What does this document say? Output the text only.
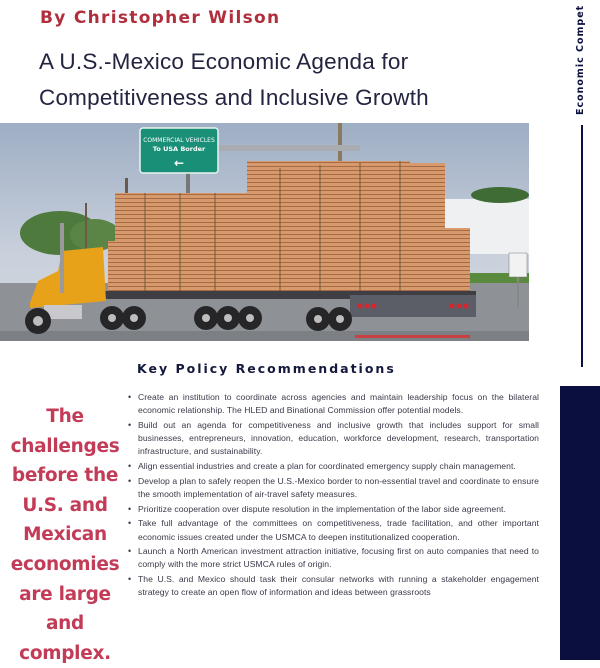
By Christopher Wilson
A U.S.-Mexico Economic Agenda for Competitiveness and Inclusive Growth
COMMERCIAL VEHICLES
To USA Border
←
Economic Compet
The challenges before the U.S. and Mexican economies are large and complex.
Key Policy Recommendations
• Create an institution to coordinate across agencies and maintain leadership focus on the bilateral economic relationship. The HLED and Binational Commission offer potential models.
• Build out an agenda for competitiveness and inclusive growth that includes support for small businesses, entrepreneurs, innovation, education, workforce development, research, transportation infrastructure, and sustainability.
• Align essential industries and create a plan for coordinated emergency supply chain management.
• Develop a plan to safely reopen the U.S.-Mexico border to non-essential travel and coordinate to ensure the smooth implementation of air-travel safety measures.
• Prioritize cooperation over dispute resolution in the implementation of the labor side agreement.
• Take full advantage of the committees on competitiveness, trade facilitation, and other important economic issues created under the USMCA to deepen institutionalized cooperation.
• Launch a North American investment attraction initiative, focusing first on auto companies that need to comply with the more strict USMCA rules of origin.
• The U.S. and Mexico should task their consular networks with running a stakeholder engagement strategy to create an open flow of information and ideas between grassroots
